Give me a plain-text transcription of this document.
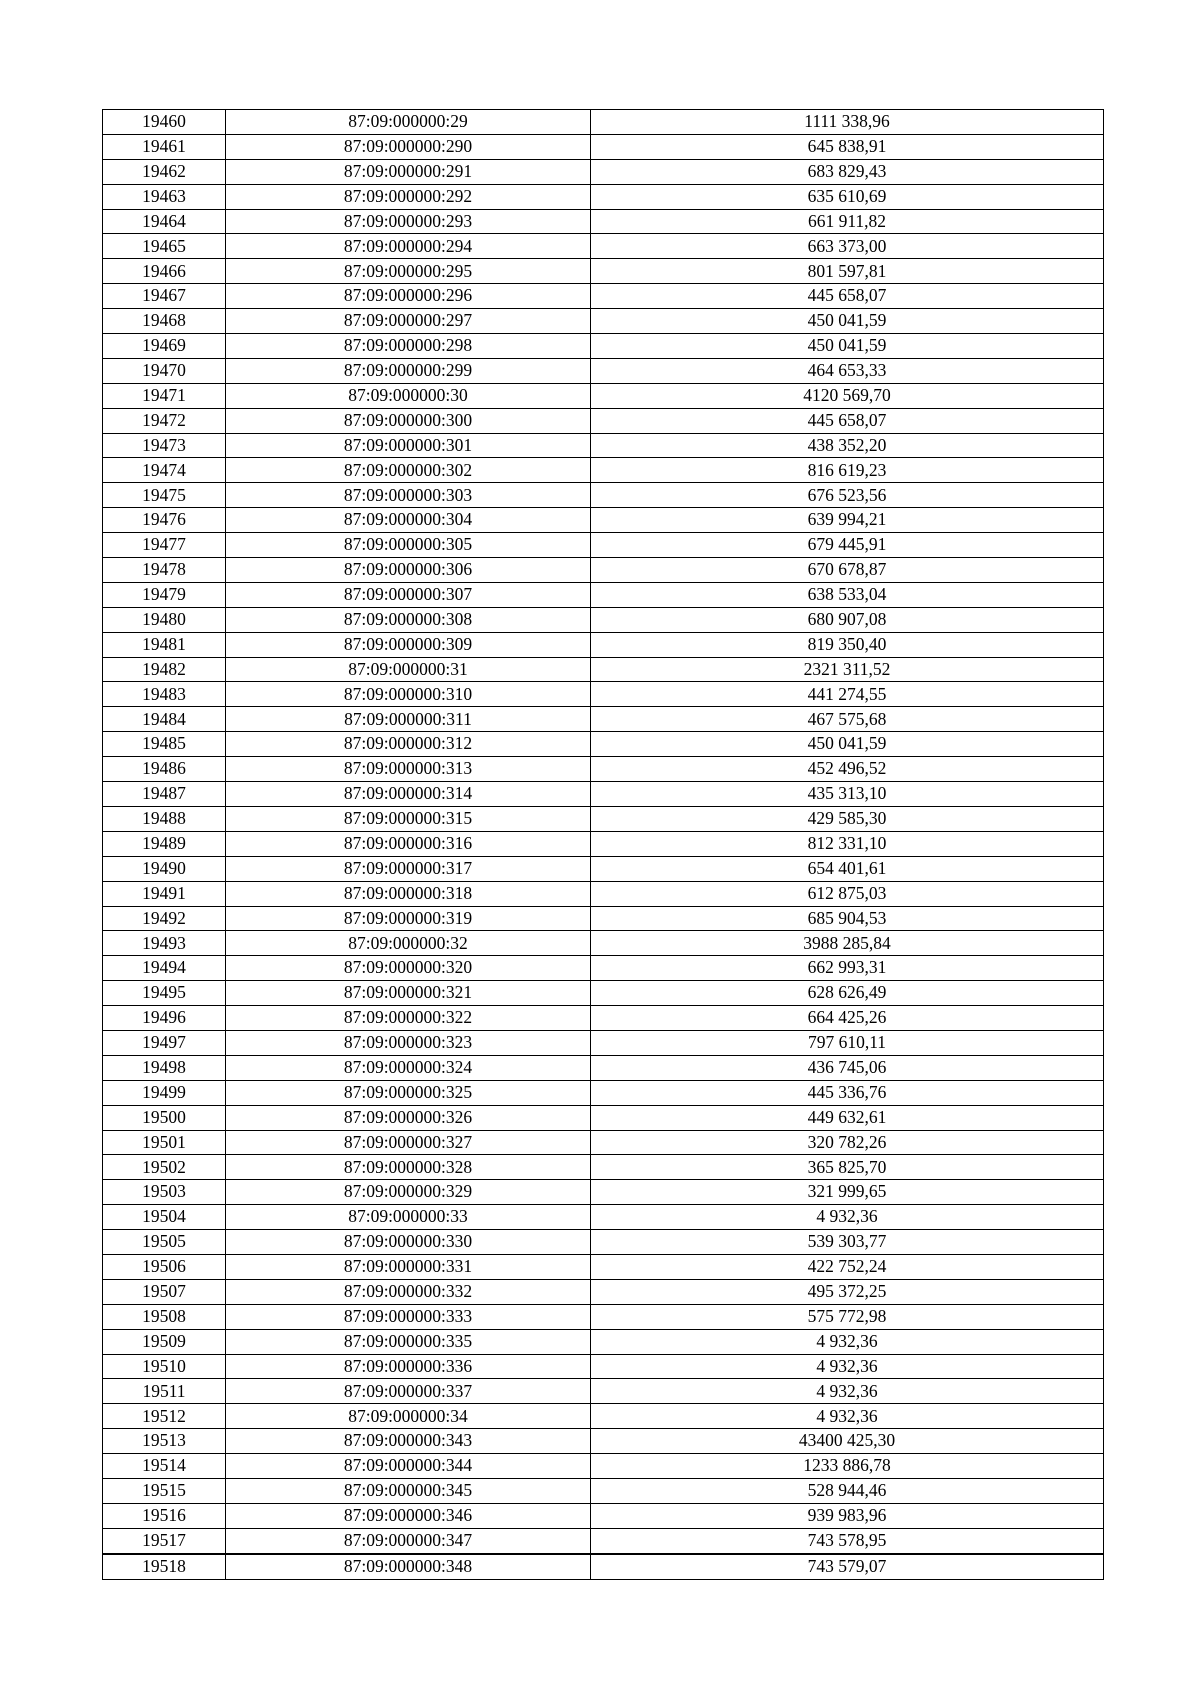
19460	87:09:000000:29	1111 338,96
19461	87:09:000000:290	645 838,91
19462	87:09:000000:291	683 829,43
19463	87:09:000000:292	635 610,69
19464	87:09:000000:293	661 911,82
19465	87:09:000000:294	663 373,00
19466	87:09:000000:295	801 597,81
19467	87:09:000000:296	445 658,07
19468	87:09:000000:297	450 041,59
19469	87:09:000000:298	450 041,59
19470	87:09:000000:299	464 653,33
19471	87:09:000000:30	4120 569,70
19472	87:09:000000:300	445 658,07
19473	87:09:000000:301	438 352,20
19474	87:09:000000:302	816 619,23
19475	87:09:000000:303	676 523,56
19476	87:09:000000:304	639 994,21
19477	87:09:000000:305	679 445,91
19478	87:09:000000:306	670 678,87
19479	87:09:000000:307	638 533,04
19480	87:09:000000:308	680 907,08
19481	87:09:000000:309	819 350,40
19482	87:09:000000:31	2321 311,52
19483	87:09:000000:310	441 274,55
19484	87:09:000000:311	467 575,68
19485	87:09:000000:312	450 041,59
19486	87:09:000000:313	452 496,52
19487	87:09:000000:314	435 313,10
19488	87:09:000000:315	429 585,30
19489	87:09:000000:316	812 331,10
19490	87:09:000000:317	654 401,61
19491	87:09:000000:318	612 875,03
19492	87:09:000000:319	685 904,53
19493	87:09:000000:32	3988 285,84
19494	87:09:000000:320	662 993,31
19495	87:09:000000:321	628 626,49
19496	87:09:000000:322	664 425,26
19497	87:09:000000:323	797 610,11
19498	87:09:000000:324	436 745,06
19499	87:09:000000:325	445 336,76
19500	87:09:000000:326	449 632,61
19501	87:09:000000:327	320 782,26
19502	87:09:000000:328	365 825,70
19503	87:09:000000:329	321 999,65
19504	87:09:000000:33	4 932,36
19505	87:09:000000:330	539 303,77
19506	87:09:000000:331	422 752,24
19507	87:09:000000:332	495 372,25
19508	87:09:000000:333	575 772,98
19509	87:09:000000:335	4 932,36
19510	87:09:000000:336	4 932,36
19511	87:09:000000:337	4 932,36
19512	87:09:000000:34	4 932,36
19513	87:09:000000:343	43400 425,30
19514	87:09:000000:344	1233 886,78
19515	87:09:000000:345	528 944,46
19516	87:09:000000:346	939 983,96
19517	87:09:000000:347	743 578,95
19518	87:09:000000:348	743 579,07
